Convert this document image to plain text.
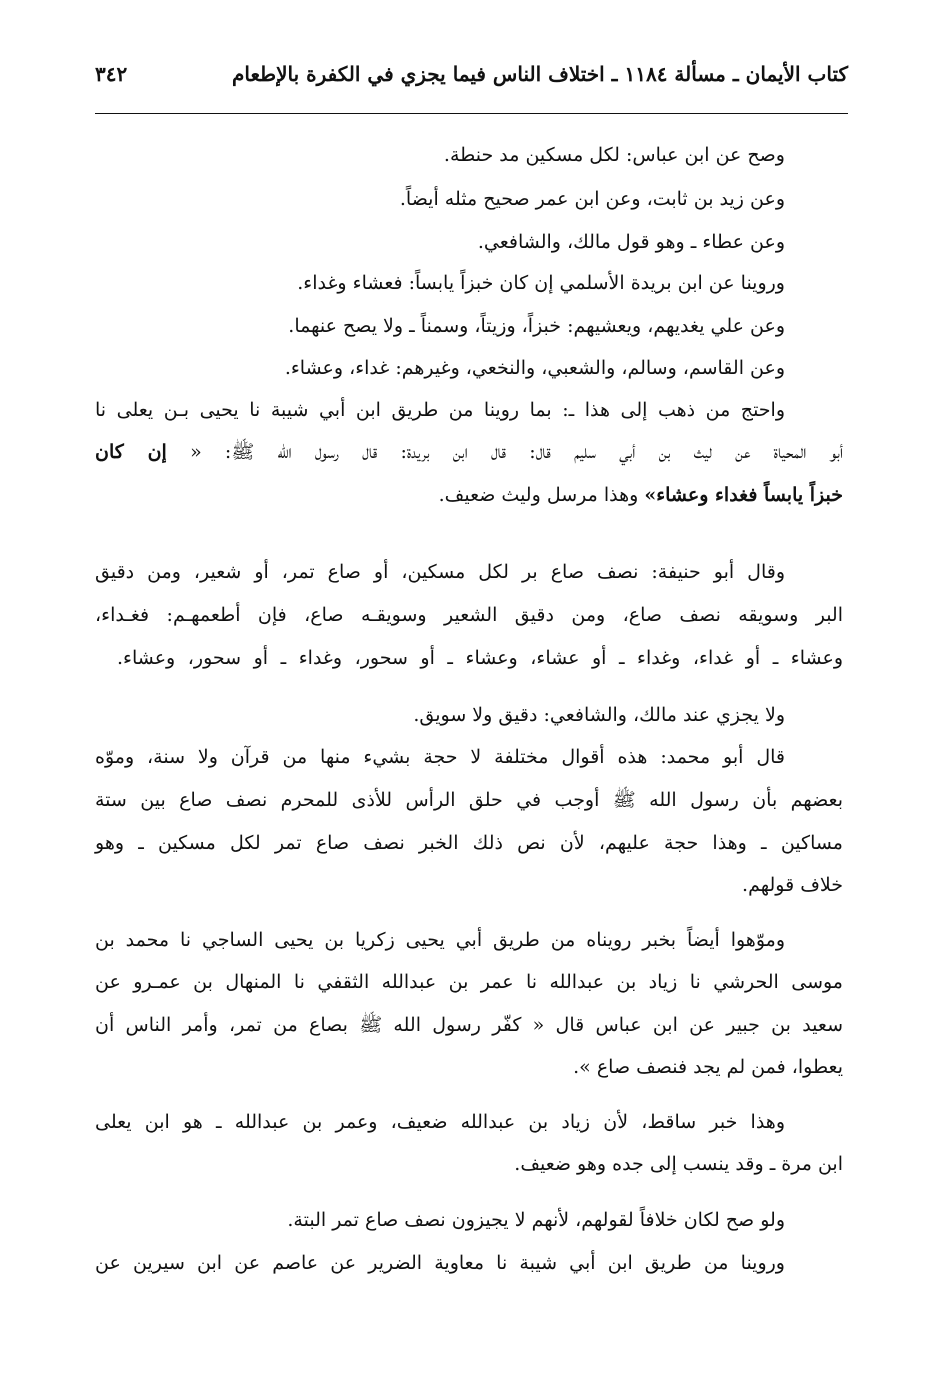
كتاب الأيمان ـ مسألة ١١٨٤ ـ اختلاف الناس فيما يجزي في الكفرة بالإطعام
٣٤٢
وصح عن ابن عباس: لكل مسكين مد حنطة.
وعن زيد بن ثابت، وعن ابن عمر صحيح مثله أيضاً.
وعن عطاء ـ وهو قول مالك، والشافعي.
وروينا عن ابن بريدة الأسلمي إن كان خبزاً يابساً: فعشاء وغداء.
وعن علي يغديهم، ويعشيهم: خبزاً، وزيتاً، وسمناً ـ ولا يصح عنهما.
وعن القاسم، وسالم، والشعبي، والنخعي، وغيرهم: غداء، وعشاء.
واحتج من ذهب إلى هذا ـ: بما روينا من طريق ابن أبي شيبة نا يحيى بـن يعلى نا
أبو المحياة عن ليث بن أبي سليم قال: قال ابن بريدة: قال رسول الله ﷺ: « إن كان
خبزاً يابساً فغداء وعشاء» وهذا مرسل وليث ضعيف.
وقال أبو حنيفة: نصف صاع بر لكل مسكين، أو صاع تمر، أو شعير، ومن دقيق
البر وسويقه نصف صاع، ومن دقيق الشعير وسويقـه صاع، فإن أطعمهـم: فغـداء،
وعشاء ـ أو غداء، وغداء ـ أو عشاء، وعشاء ـ أو سحور، وغداء ـ أو سحور، وعشاء.
ولا يجزي عند مالك، والشافعي: دقيق ولا سويق.
قال أبو محمد: هذه أقوال مختلفة لا حجة بشيء منها من قرآن ولا سنة، وموّه
بعضهم بأن رسول الله ﷺ أوجب في حلق الرأس للأذى للمحرم نصف صاع بين ستة
مساكين ـ وهذا حجة عليهم، لأن نص ذلك الخبر نصف صاع تمر لكل مسكين ـ وهو
خلاف قولهم.
وموّهوا أيضاً بخبر رويناه من طريق أبي يحيى زكريا بن يحيى الساجي نا محمد بن
موسى الحرشي نا زياد بن عبدالله نا عمر بن عبدالله الثقفي نا المنهال بن عمـرو عن
سعيد بن جبير عن ابن عباس قال « كفّر رسول الله ﷺ بصاع من تمر، وأمر الناس أن
يعطوا، فمن لم يجد فنصف صاع ».
وهذا خبر ساقط، لأن زياد بن عبدالله ضعيف، وعمر بن عبدالله ـ هو ابن يعلى
ابن مرة ـ وقد ينسب إلى جده وهو ضعيف.
ولو صح لكان خلافاً لقولهم، لأنهم لا يجيزون نصف صاع تمر البتة.
وروينا من طريق ابن أبي شيبة نا معاوية الضرير عن عاصم عن ابن سيرين عن
